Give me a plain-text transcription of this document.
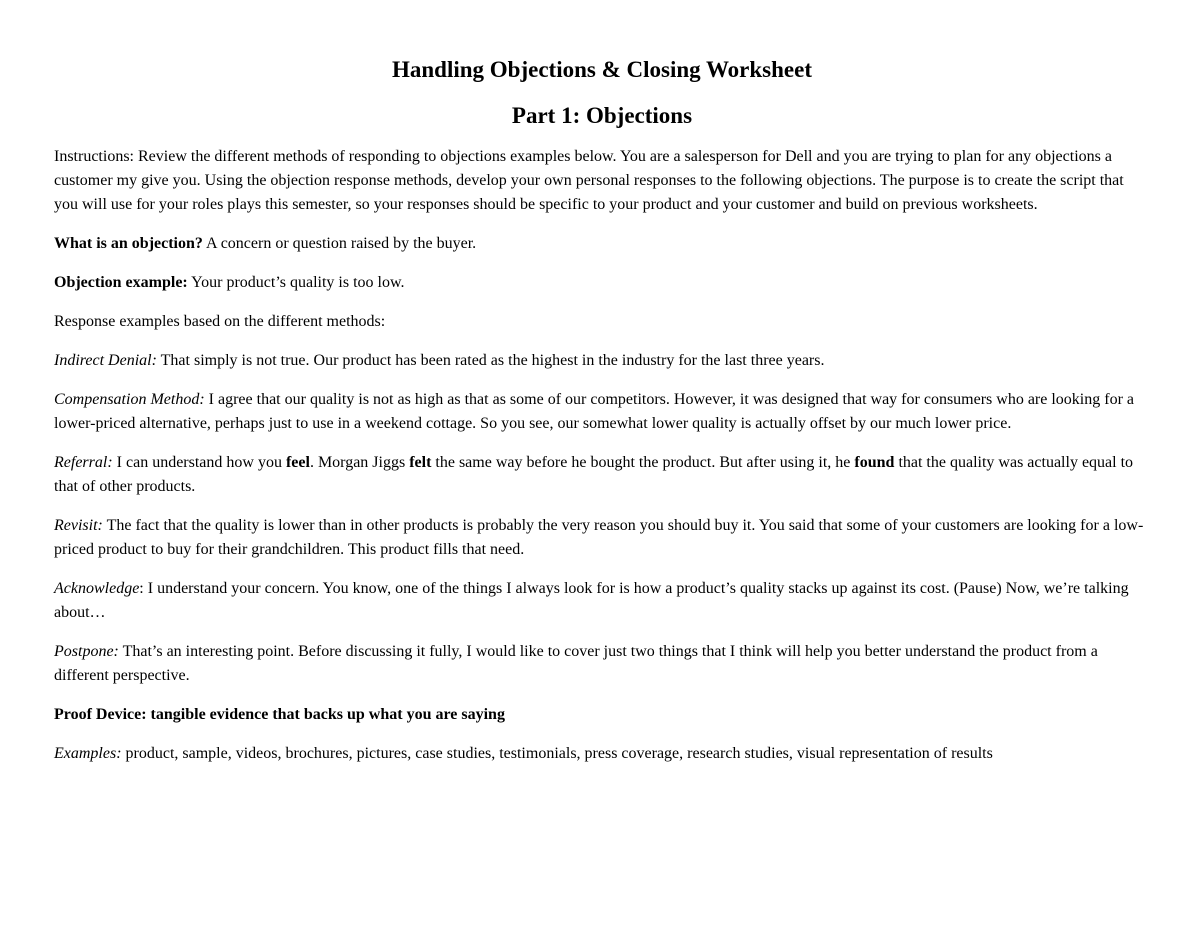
Handling Objections & Closing Worksheet
Part 1: Objections

Instructions: Review the different methods of responding to objections examples below. You are a salesperson for Dell and you are trying to plan for any objections a customer my give you. Using the objection response methods, develop your own personal responses to the following objections. The purpose is to create the script that you will use for your roles plays this semester, so your responses should be specific to your product and your customer and build on previous worksheets.

What is an objection? A concern or question raised by the buyer.

Objection example: Your product’s quality is too low.

Response examples based on the different methods:

Indirect Denial: That simply is not true. Our product has been rated as the highest in the industry for the last three years.

Compensation Method: I agree that our quality is not as high as that as some of our competitors. However, it was designed that way for consumers who are looking for a lower-priced alternative, perhaps just to use in a weekend cottage. So you see, our somewhat lower quality is actually offset by our much lower price.

Referral: I can understand how you feel. Morgan Jiggs felt the same way before he bought the product. But after using it, he found that the quality was actually equal to that of other products.

Revisit: The fact that the quality is lower than in other products is probably the very reason you should buy it. You said that some of your customers are looking for a low-priced product to buy for their grandchildren. This product fills that need.

Acknowledge: I understand your concern. You know, one of the things I always look for is how a product’s quality stacks up against its cost. (Pause) Now, we’re talking about…

Postpone: That’s an interesting point. Before discussing it fully, I would like to cover just two things that I think will help you better understand the product from a different perspective.

Proof Device: tangible evidence that backs up what you are saying

Examples: product, sample, videos, brochures, pictures, case studies, testimonials, press coverage, research studies, visual representation of results
